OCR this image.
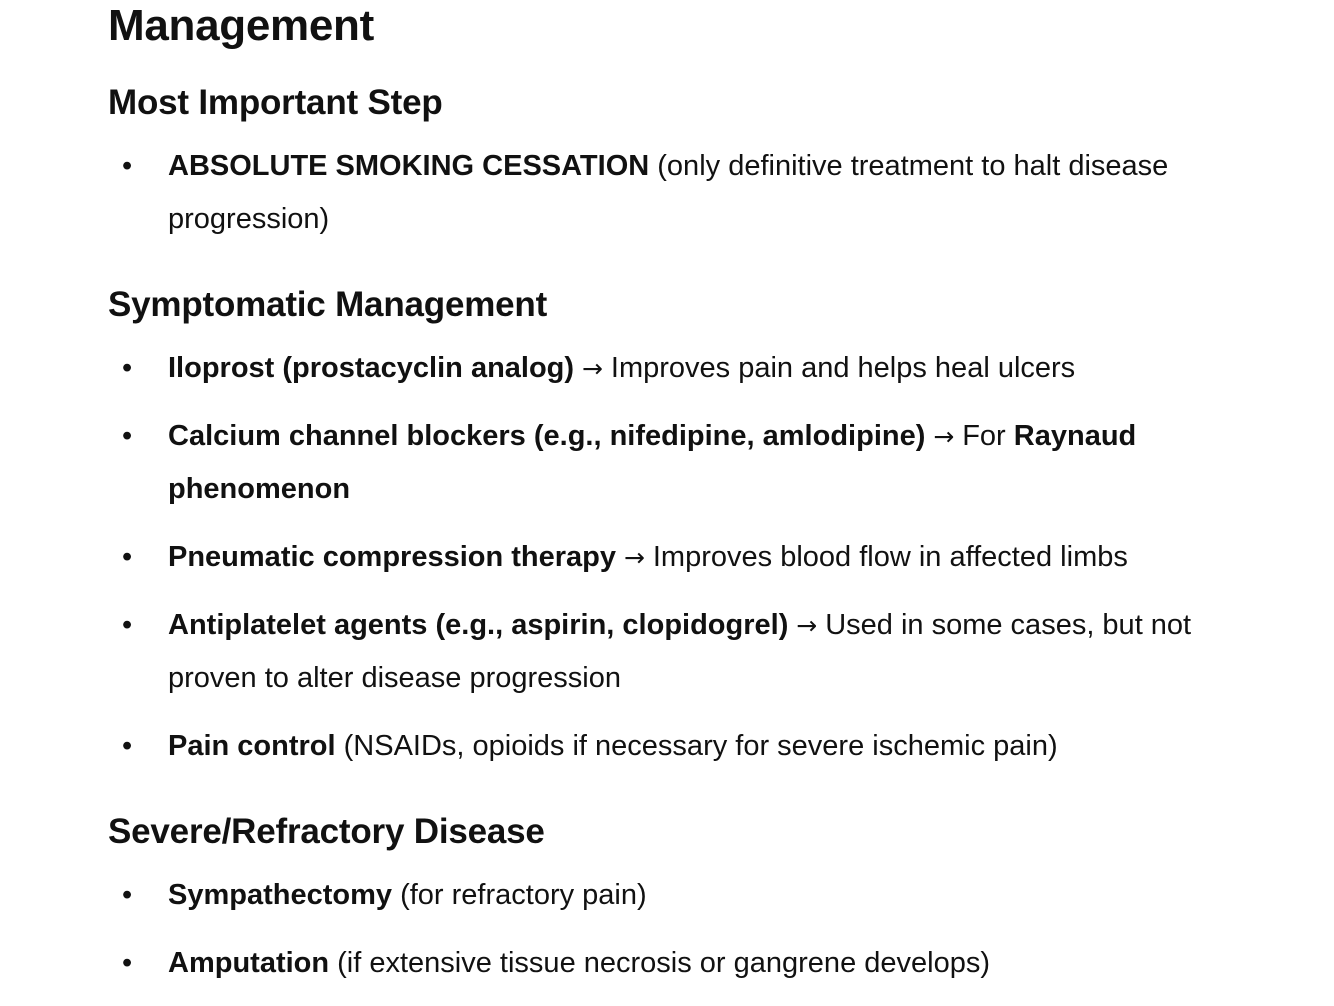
Management
Most Important Step
• ABSOLUTE SMOKING CESSATION (only definitive treatment to halt disease progression)
Symptomatic Management
• Iloprost (prostacyclin analog) → Improves pain and helps heal ulcers
• Calcium channel blockers (e.g., nifedipine, amlodipine) → For Raynaud phenomenon
• Pneumatic compression therapy → Improves blood flow in affected limbs
• Antiplatelet agents (e.g., aspirin, clopidogrel) → Used in some cases, but not proven to alter disease progression
• Pain control (NSAIDs, opioids if necessary for severe ischemic pain)
Severe/Refractory Disease
• Sympathectomy (for refractory pain)
• Amputation (if extensive tissue necrosis or gangrene develops)
